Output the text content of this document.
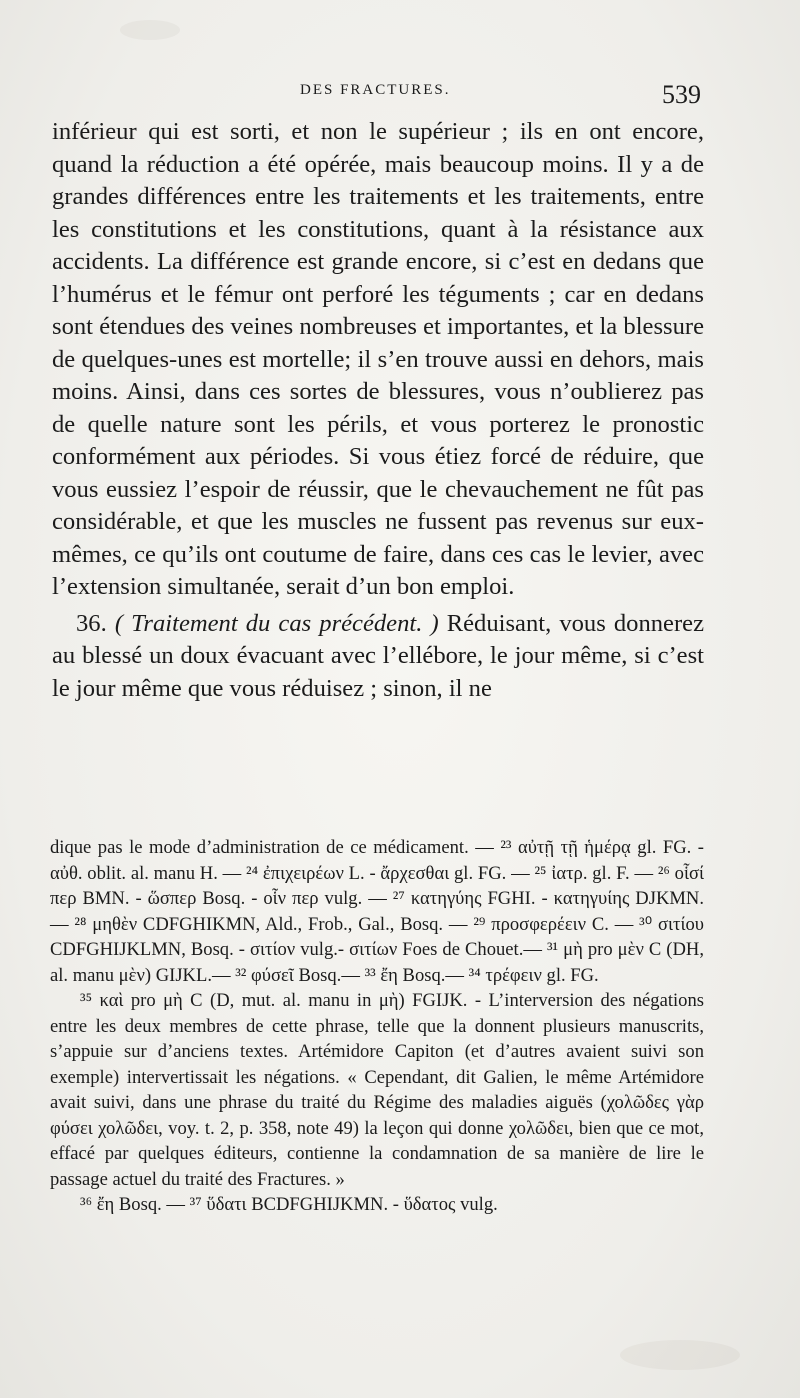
DES FRACTURES.	539

inférieur qui est sorti, et non le supérieur ; ils en ont encore, quand la réduction a été opérée, mais beaucoup moins. Il y a de grandes différences entre les traitements et les traitements, entre les constitutions et les constitutions, quant à la résistance aux accidents. La différence est grande encore, si c’est en dedans que l’humérus et le fémur ont perforé les téguments ; car en dedans sont étendues des veines nombreuses et importantes, et la blessure de quelques-unes est mortelle; il s’en trouve aussi en dehors, mais moins. Ainsi, dans ces sortes de blessures, vous n’oublierez pas de quelle nature sont les périls, et vous porterez le pronostic conformément aux périodes. Si vous étiez forcé de réduire, que vous eussiez l’espoir de réussir, que le chevauchement ne fût pas considérable, et que les muscles ne fussent pas revenus sur eux-mêmes, ce qu’ils ont coutume de faire, dans ces cas le levier, avec l’extension simultanée, serait d’un bon emploi.

36. ( Traitement du cas précédent. ) Réduisant, vous donnerez au blessé un doux évacuant avec l’ellébore, le jour même, si c’est le jour même que vous réduisez ; sinon, il ne

dique pas le mode d’administration de ce médicament. — ²³ αὐτῇ τῇ ἡμέρᾳ gl. FG. - αὐθ. oblit. al. manu H. — ²⁴ ἐπιχειρέων L. - ἄρχεσθαι gl. FG. — ²⁵ ἰατρ. gl. F. — ²⁶ οἷσί περ BMN. - ὥσπερ Bosq. - οἷν περ vulg. — ²⁷ κατηγύης FGHI. - κατηγυίης DJKMN. — ²⁸ μηθὲν CDFGHIKMN, Ald., Frob., Gal., Bosq. — ²⁹ προσφερέειν C. — ³⁰ σιτίου CDFGHIJKLMN, Bosq. - σιτίον vulg.- σιτίων Foes de Chouet.— ³¹ μὴ pro μὲν C (DH, al. manu μὲν) GIJKL.— ³² φύσεῖ Bosq.— ³³ ἔη Bosq.— ³⁴ τρέφειν gl. FG.

³⁵ καὶ pro μὴ C (D, mut. al. manu in μὴ) FGIJK. - L’interversion des négations entre les deux membres de cette phrase, telle que la donnent plusieurs manuscrits, s’appuie sur d’anciens textes. Artémidore Capiton (et d’autres avaient suivi son exemple) intervertissait les négations. « Cependant, dit Galien, le même Artémidore avait suivi, dans une phrase du traité du Régime des maladies aiguës (χολῶδες γὰρ φύσει χολῶδει, voy. t. 2, p. 358, note 49) la leçon qui donne χολῶδει, bien que ce mot, effacé par quelques éditeurs, contienne la condamnation de sa manière de lire le passage actuel du traité des Fractures. »

³⁶ ἔη Bosq. — ³⁷ ὕδατι BCDFGHIJKMN. - ὕδατος vulg.
